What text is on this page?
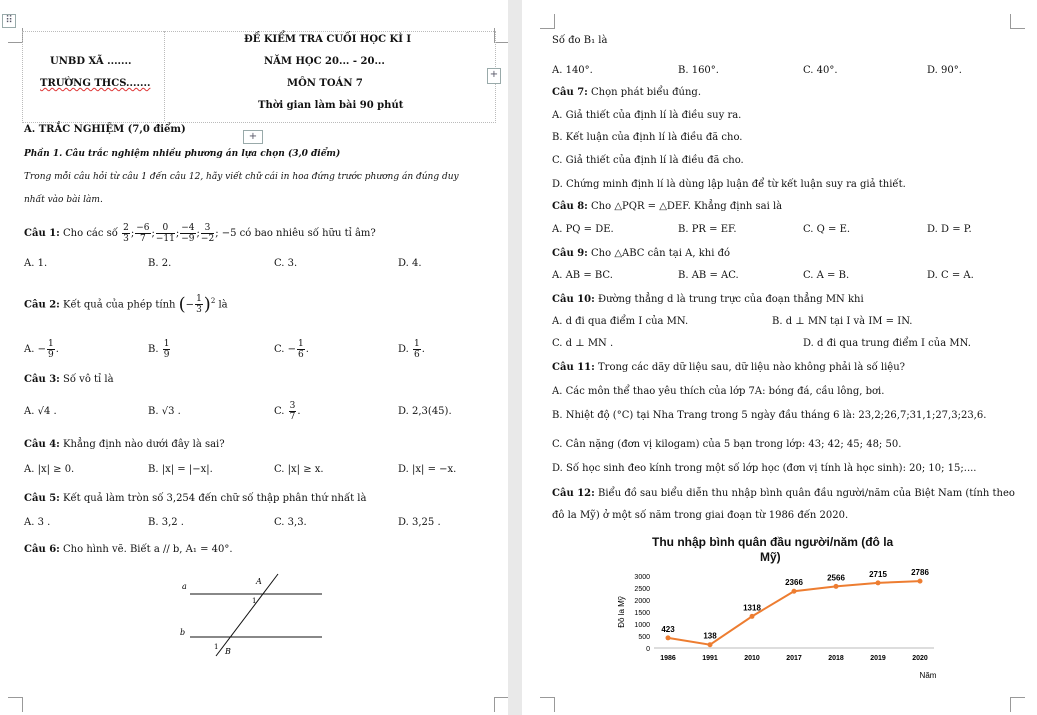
⠿
UNBD XÃ .......
TRƯỜNG THCS.......
ĐỀ KIỂM TRA CUỐI HỌC KÌ I
NĂM HỌC 20... - 20...
MÔN TOÁN 7
Thời gian làm bài 90 phút
+
+
A. TRẮC NGHIỆM (7,0 điểm)
Phần 1. Câu trắc nghiệm nhiều phương án lựa chọn (3,0 điểm)
Trong mỗi câu hỏi từ câu 1 đến câu 12, hãy viết chữ cái in hoa đứng trước phương án đúng duy
nhất vào bài làm.
Câu 1: Cho các số $\frac{2}{3}$ ; $\frac{-6}{7}$ ; $\frac{0}{-11}$ ; $\frac{-4}{-9}$ ; $\frac{3}{-2}$ ; −5 có bao nhiêu số hữu tỉ âm?
A. 1.	B. 2.	C. 3.	D. 4.
Câu 2: Kết quả của phép tính (− $\frac{1}{3} )^2$ là
A. − $\frac{1}{9}$ .	B. $\frac{1}{9}$	C. − $\frac{1}{6}$ .	D. $\frac{1}{6}$ .
Câu 3: Số vô tỉ là
A. √4 .	B. √3 .	C. $\frac{3}{7}$ .	D. 2,3(45).
Câu 4: Khẳng định nào dưới đây là sai?
A. |x| ≥ 0.	B. |x| = |−x|.	C. |x| ≥ x.	D. |x| = −x.
Câu 5: Kết quả làm tròn số 3,254 đến chữ số thập phân thứ nhất là
A. 3 .	B. 3,2 .	C. 3,3.	D. 3,25 .
Câu 6: Cho hình vẽ. Biết a // b, A₁ = 40°.
a
b
A
B
1
1
Số đo B₁ là
A. 140°.	B. 160°.	C. 40°.	D. 90°.
Câu 7: Chọn phát biểu đúng.
A. Giả thiết của định lí là điều suy ra.
B. Kết luận của định lí là điều đã cho.
C. Giả thiết của định lí là điều đã cho.
D. Chứng minh định lí là dùng lập luận để từ kết luận suy ra giả thiết.
Câu 8: Cho △PQR = △DEF. Khẳng định sai là
A. PQ = DE.	B. PR = EF.	C. Q = E.	D. D = P.
Câu 9: Cho △ABC cân tại A, khi đó
A. AB = BC.	B. AB = AC.	C. A = B.	D. C = A.
Câu 10: Đường thẳng d là trung trực của đoạn thẳng MN khi
A. d đi qua điểm I của MN.	B. d ⊥ MN tại I và IM = IN.
C. d ⊥ MN .	D. d đi qua trung điểm I của MN.
Câu 11: Trong các dãy dữ liệu sau, dữ liệu nào không phải là số liệu?
A. Các môn thể thao yêu thích của lớp 7A: bóng đá, cầu lông, bơi.
B. Nhiệt độ (°C) tại Nha Trang trong 5 ngày đầu tháng 6 là: 23,2;26,7;31,1;27,3;23,6.
C. Cân nặng (đơn vị kilogam) của 5 bạn trong lớp: 43; 42; 45; 48; 50.
D. Số học sinh đeo kính trong một số lớp học (đơn vị tính là học sinh): 20; 10; 15;....
Câu 12: Biểu đồ sau biểu diễn thu nhập bình quân đầu người/năm của Biệt Nam (tính theo
đô la Mỹ) ở một số năm trong giai đoạn từ 1986 đến 2020.
Thu nhập bình quân đầu người/năm (đô la
Mỹ)
0
500
1000
1500
2000
2500
3000
Đô la Mỹ
423
1986
138
1991
1318
2010
2366
2017
2566
2018
2715
2019
2786
2020
Năm
